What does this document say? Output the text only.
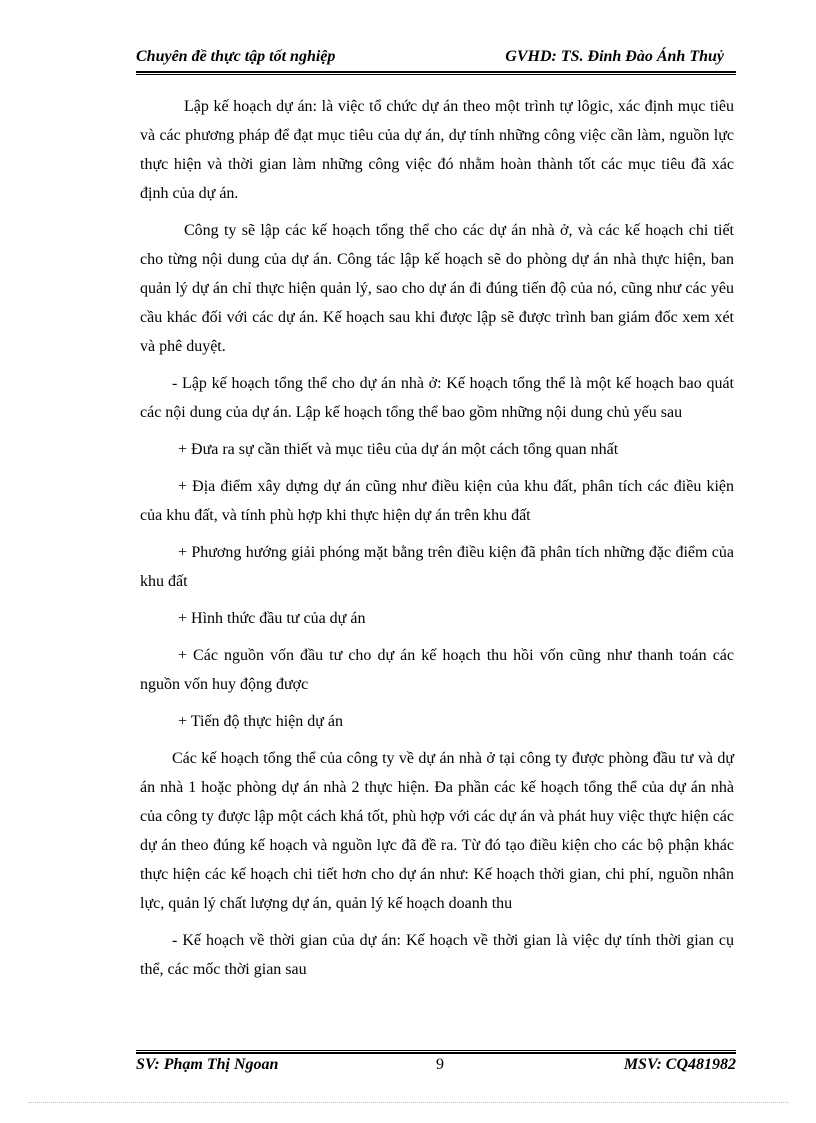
Chuyên đề thực tập tốt nghiệp	GVHD: TS. Đinh Đào Ánh Thuỷ

Lập kế hoạch dự án: là việc tổ chức dự án theo một trình tự lôgic, xác định mục tiêu và các phương pháp để đạt mục tiêu của dự án, dự tính những công việc cần làm, nguồn lực thực hiện và thời gian làm những công việc đó nhằm hoàn thành tốt các mục tiêu đã xác định của dự án.

Công ty sẽ lập các kế hoạch tổng thể cho các dự án nhà ở, và các kế hoạch chi tiết cho từng nội dung của dự án. Công tác lập kế hoạch sẽ do phòng dự án nhà thực hiện, ban quản lý dự án chỉ thực hiện quản lý, sao cho dự án đi đúng tiến độ của nó, cũng như các yêu cầu khác đối với các dự án. Kế hoạch sau khi được lập sẽ được trình ban giám đốc xem xét và phê duyệt.

- Lập kế hoạch tổng thể cho dự án nhà ở: Kế hoạch tổng thể là một kế hoạch bao quát các nội dung của dự án. Lập kế hoạch tổng thể bao gồm những nội dung chủ yếu sau

+ Đưa ra sự cần thiết và mục tiêu của dự án một cách tổng quan nhất

+ Địa điểm xây dựng dự án cũng như điều kiện của khu đất, phân tích các điều kiện của khu đất, và tính phù hợp khi thực hiện dự án trên khu đất

+ Phương hướng giải phóng mặt bằng trên điều kiện đã phân tích những đặc điểm của khu đất

+ Hình thức đầu tư của dự án

+ Các nguồn vốn đầu tư cho dự án kế hoạch thu hồi vốn cũng như thanh toán các nguồn vốn huy động được

+ Tiến độ thực hiện dự án

Các kế hoạch tổng thể của công ty về dự án nhà ở tại công ty được phòng đầu tư và dự án nhà 1 hoặc phòng dự án nhà 2 thực hiện. Đa phần các kế hoạch tổng thể của dự án nhà của công ty được lập một cách khá tốt, phù hợp với các dự án và phát huy việc thực hiện các dự án theo đúng kế hoạch và nguồn lực đã đề ra. Từ đó tạo điều kiện cho các bộ phận khác thực hiện các kế hoạch chi tiết hơn cho dự án như: Kế hoạch thời gian, chi phí, nguồn nhân lực, quản lý chất lượng dự án, quản lý kế hoạch doanh thu

- Kế hoạch về thời gian của dự án: Kế hoạch về thời gian là việc dự tính thời gian cụ thể, các mốc thời gian sau

SV: Phạm Thị Ngoan	9	MSV: CQ481982
